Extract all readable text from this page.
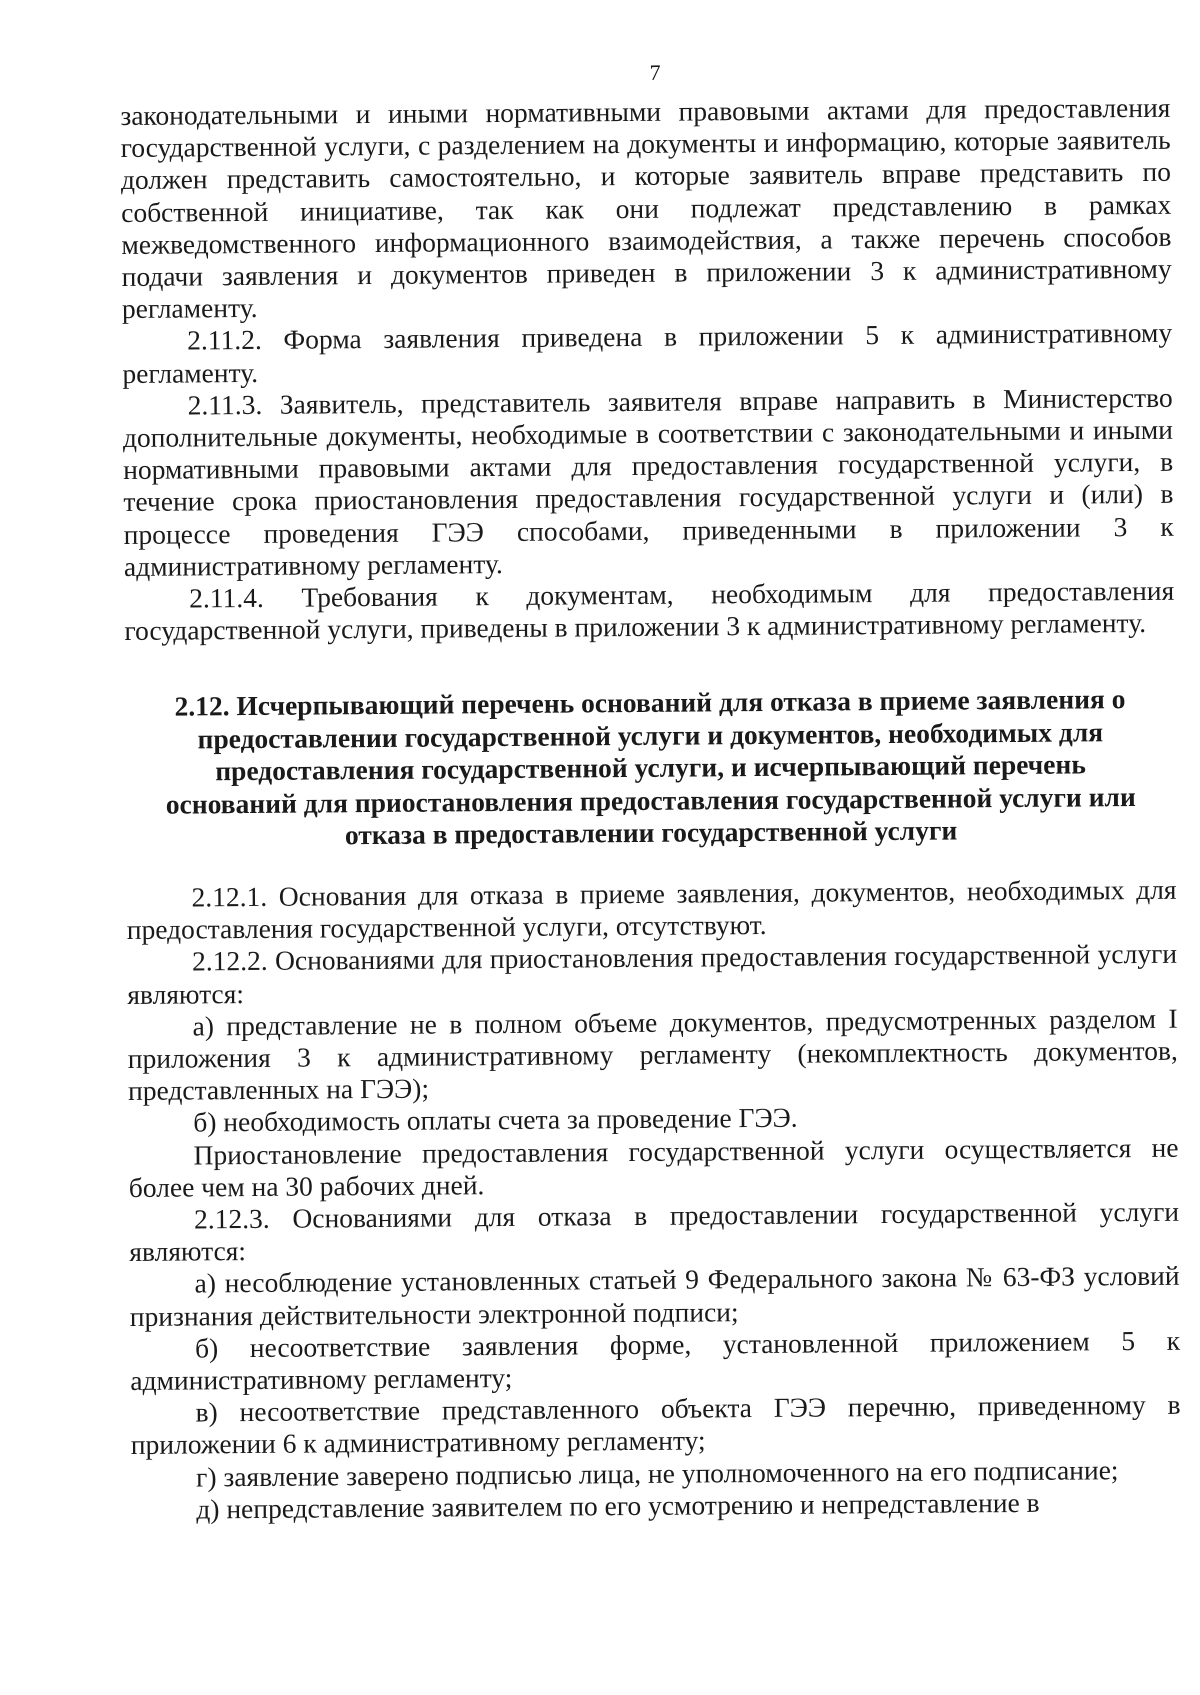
7

законодательными и иными нормативными правовыми актами для предоставления государственной услуги, с разделением на документы и информацию, которые заявитель должен представить самостоятельно, и которые заявитель вправе представить по собственной инициативе, так как они подлежат представлению в рамках межведомственного информационного взаимодействия, а также перечень способов подачи заявления и документов приведен в приложении 3 к административному регламенту.

2.11.2. Форма заявления приведена в приложении 5 к административному регламенту.

2.11.3. Заявитель, представитель заявителя вправе направить в Министерство дополнительные документы, необходимые в соответствии с законодательными и иными нормативными правовыми актами для предоставления государственной услуги, в течение срока приостановления предоставления государственной услуги и (или) в процессе проведения ГЭЭ способами, приведенными в приложении 3 к административному регламенту.

2.11.4. Требования к документам, необходимым для предоставления государственной услуги, приведены в приложении 3 к административному регламенту.

2.12. Исчерпывающий перечень оснований для отказа в приеме заявления о предоставлении государственной услуги и документов, необходимых для предоставления государственной услуги, и исчерпывающий перечень оснований для приостановления предоставления государственной услуги или отказа в предоставлении государственной услуги

2.12.1. Основания для отказа в приеме заявления, документов, необходимых для предоставления государственной услуги, отсутствуют.

2.12.2. Основаниями для приостановления предоставления государственной услуги являются:

а) представление не в полном объеме документов, предусмотренных разделом I приложения 3 к административному регламенту (некомплектность документов, представленных на ГЭЭ);

б) необходимость оплаты счета за проведение ГЭЭ.

Приостановление предоставления государственной услуги осуществляется не более чем на 30 рабочих дней.

2.12.3. Основаниями для отказа в предоставлении государственной услуги являются:

а) несоблюдение установленных статьей 9 Федерального закона № 63-ФЗ условий признания действительности электронной подписи;

б) несоответствие заявления форме, установленной приложением 5 к административному регламенту;

в) несоответствие представленного объекта ГЭЭ перечню, приведенному в приложении 6 к административному регламенту;

г) заявление заверено подписью лица, не уполномоченного на его подписание;

д) непредставление заявителем по его усмотрению и непредставление в
